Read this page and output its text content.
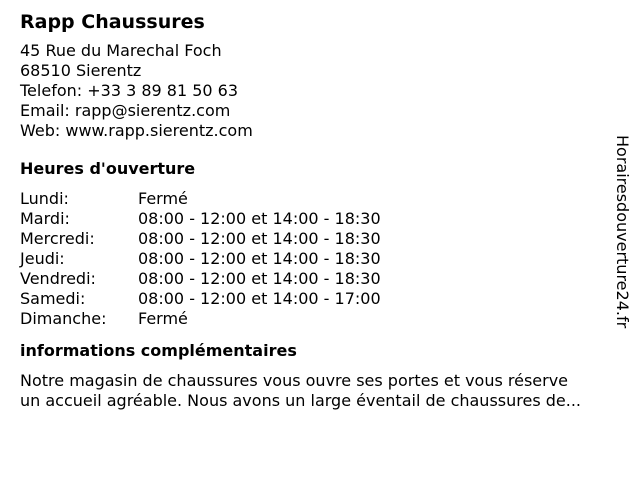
Rapp Chaussures
45 Rue du Marechal Foch
68510 Sierentz
Telefon: +33 3 89 81 50 63
Email: rapp@sierentz.com
Web: www.rapp.sierentz.com
Heures d'ouverture
Lundi:	Fermé
Mardi:	08:00 - 12:00 et 14:00 - 18:30
Mercredi:	08:00 - 12:00 et 14:00 - 18:30
Jeudi:	08:00 - 12:00 et 14:00 - 18:30
Vendredi:	08:00 - 12:00 et 14:00 - 18:30
Samedi:	08:00 - 12:00 et 14:00 - 17:00
Dimanche:	Fermé
informations complémentaires
Notre magasin de chaussures vous ouvre ses portes et vous réserve
un accueil agréable. Nous avons un large éventail de chaussures de...
Horairesdouverture24.fr
